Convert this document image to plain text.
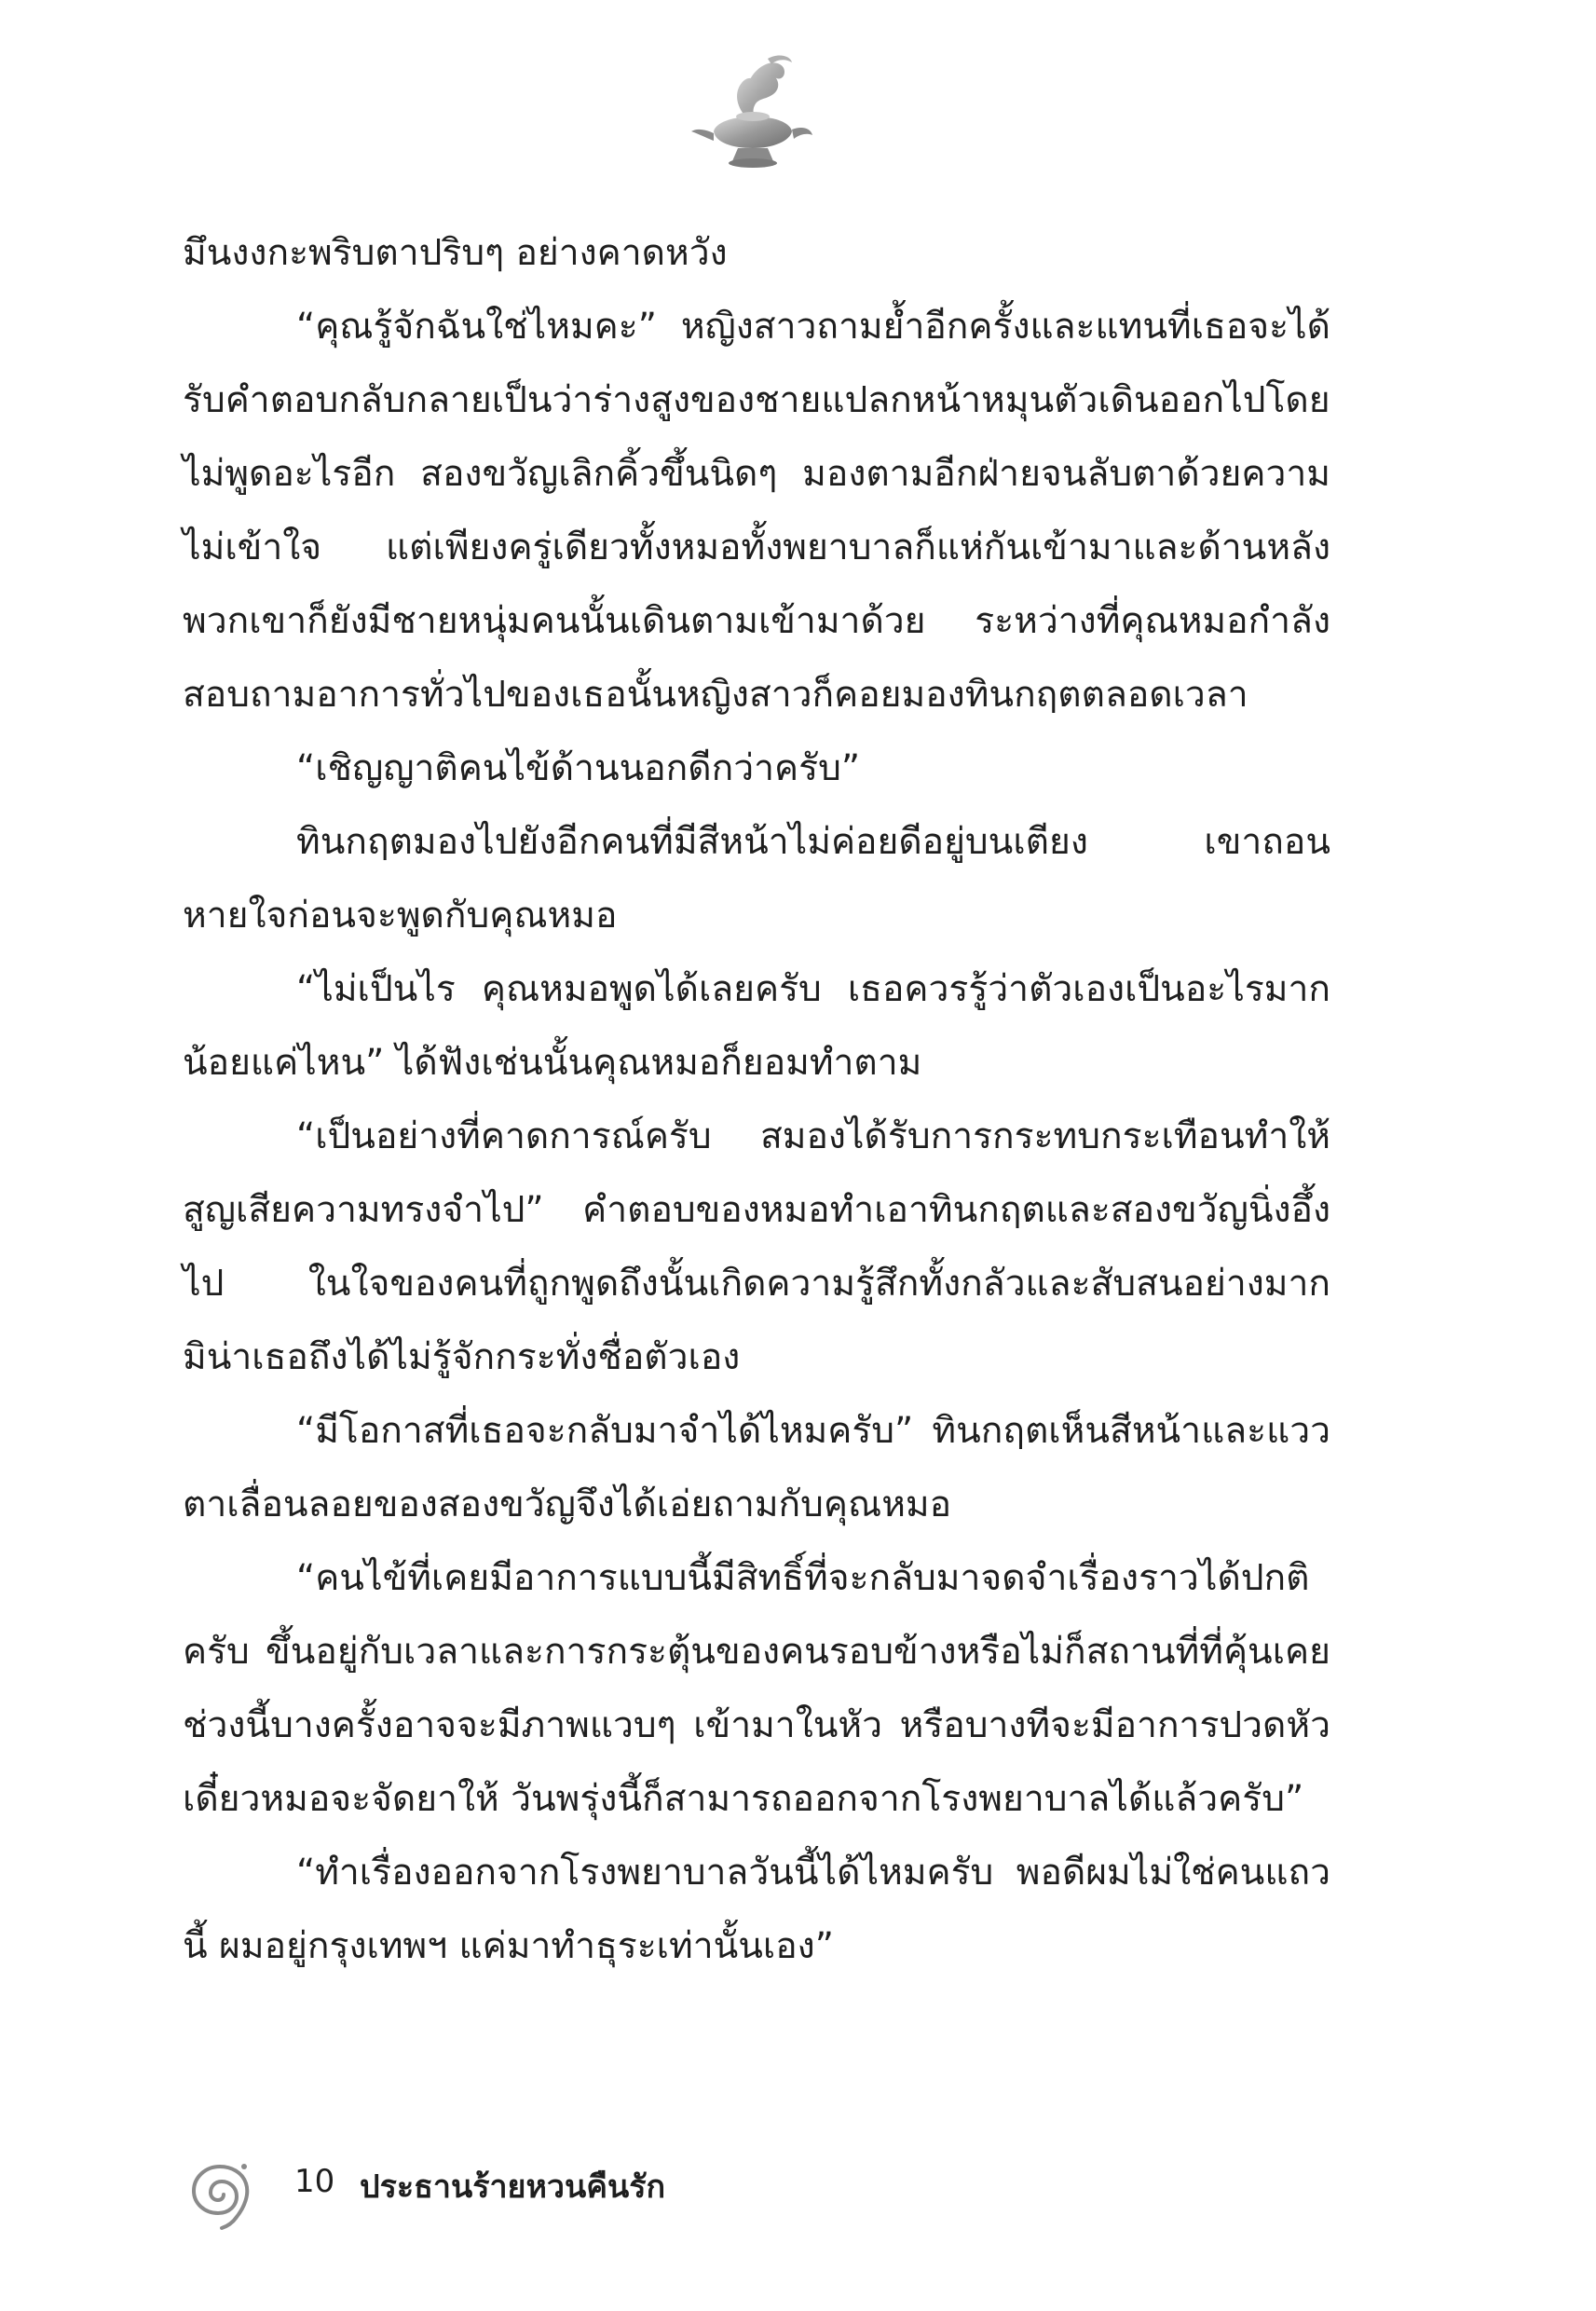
มึนงงกะพริบตาปริบๆ อย่างคาดหวัง

“คุณรู้จักฉันใช่ไหมคะ” หญิงสาวถามย้ำอีกครั้งและแทนที่เธอจะได้รับคำตอบกลับกลายเป็นว่าร่างสูงของชายแปลกหน้าหมุนตัวเดินออกไปโดยไม่พูดอะไรอีก สองขวัญเลิกคิ้วขึ้นนิดๆ มองตามอีกฝ่ายจนลับตาด้วยความไม่เข้าใจ แต่เพียงครู่เดียวทั้งหมอทั้งพยาบาลก็แห่กันเข้ามาและด้านหลังพวกเขาก็ยังมีชายหนุ่มคนนั้นเดินตามเข้ามาด้วย ระหว่างที่คุณหมอกำลังสอบถามอาการทั่วไปของเธอนั้นหญิงสาวก็คอยมองทินกฤตตลอดเวลา

“เชิญญาติคนไข้ด้านนอกดีกว่าครับ”

ทินกฤตมองไปยังอีกคนที่มีสีหน้าไม่ค่อยดีอยู่บนเตียง เขาถอนหายใจก่อนจะพูดกับคุณหมอ

“ไม่เป็นไร คุณหมอพูดได้เลยครับ เธอควรรู้ว่าตัวเองเป็นอะไรมากน้อยแค่ไหน” ได้ฟังเช่นนั้นคุณหมอก็ยอมทำตาม

“เป็นอย่างที่คาดการณ์ครับ สมองได้รับการกระทบกระเทือนทำให้สูญเสียความทรงจำไป” คำตอบของหมอทำเอาทินกฤตและสองขวัญนิ่งอึ้งไป ในใจของคนที่ถูกพูดถึงนั้นเกิดความรู้สึกทั้งกลัวและสับสนอย่างมาก มิน่าเธอถึงได้ไม่รู้จักกระทั่งชื่อตัวเอง

“มีโอกาสที่เธอจะกลับมาจำได้ไหมครับ” ทินกฤตเห็นสีหน้าและแววตาเลื่อนลอยของสองขวัญจึงได้เอ่ยถามกับคุณหมอ

“คนไข้ที่เคยมีอาการแบบนี้มีสิทธิ์ที่จะกลับมาจดจำเรื่องราวได้ปกติครับ ขึ้นอยู่กับเวลาและการกระตุ้นของคนรอบข้างหรือไม่ก็สถานที่ที่คุ้นเคย ช่วงนี้บางครั้งอาจจะมีภาพแวบๆ เข้ามาในหัว หรือบางทีจะมีอาการปวดหัว เดี๋ยวหมอจะจัดยาให้ วันพรุ่งนี้ก็สามารถออกจากโรงพยาบาลได้แล้วครับ”

“ทำเรื่องออกจากโรงพยาบาลวันนี้ได้ไหมครับ พอดีผมไม่ใช่คนแถวนี้ ผมอยู่กรุงเทพฯ แค่มาทำธุระเท่านั้นเอง”

10 ประธานร้ายหวนคืนรัก
